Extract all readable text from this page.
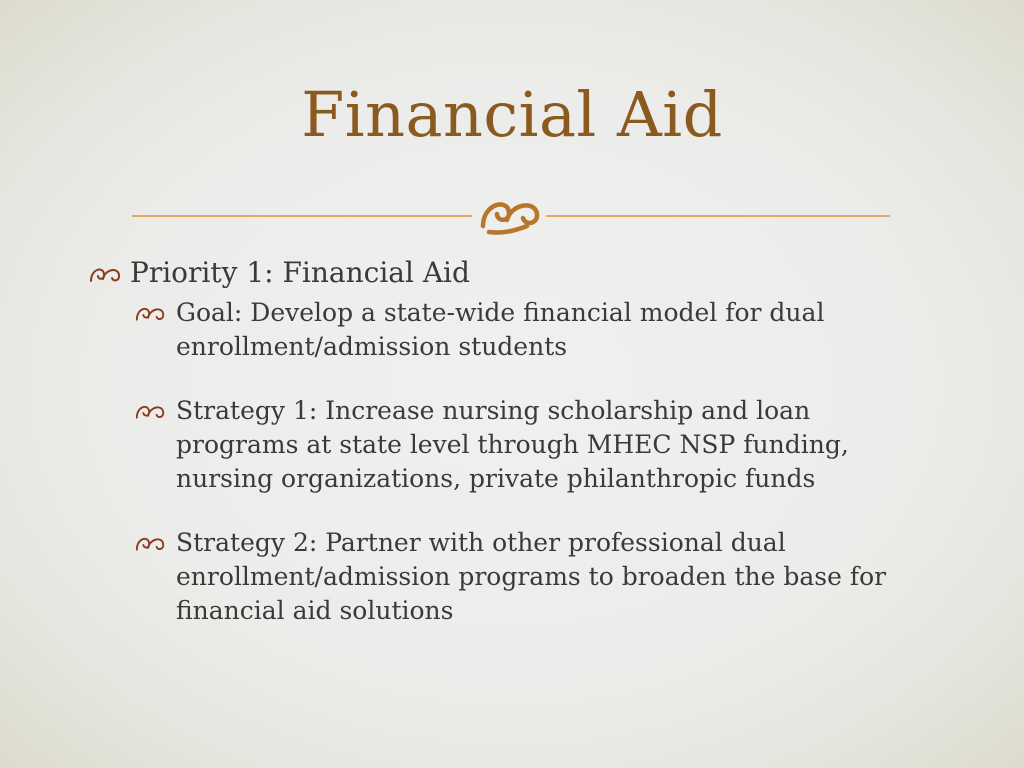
Financial Aid
Priority 1: Financial Aid
Goal: Develop a state-wide financial model for dual enrollment/admission students
Strategy 1: Increase nursing scholarship and loan programs at state level through MHEC NSP funding, nursing organizations, private philanthropic funds
Strategy 2: Partner with other professional dual enrollment/admission programs to broaden the base for financial aid solutions
